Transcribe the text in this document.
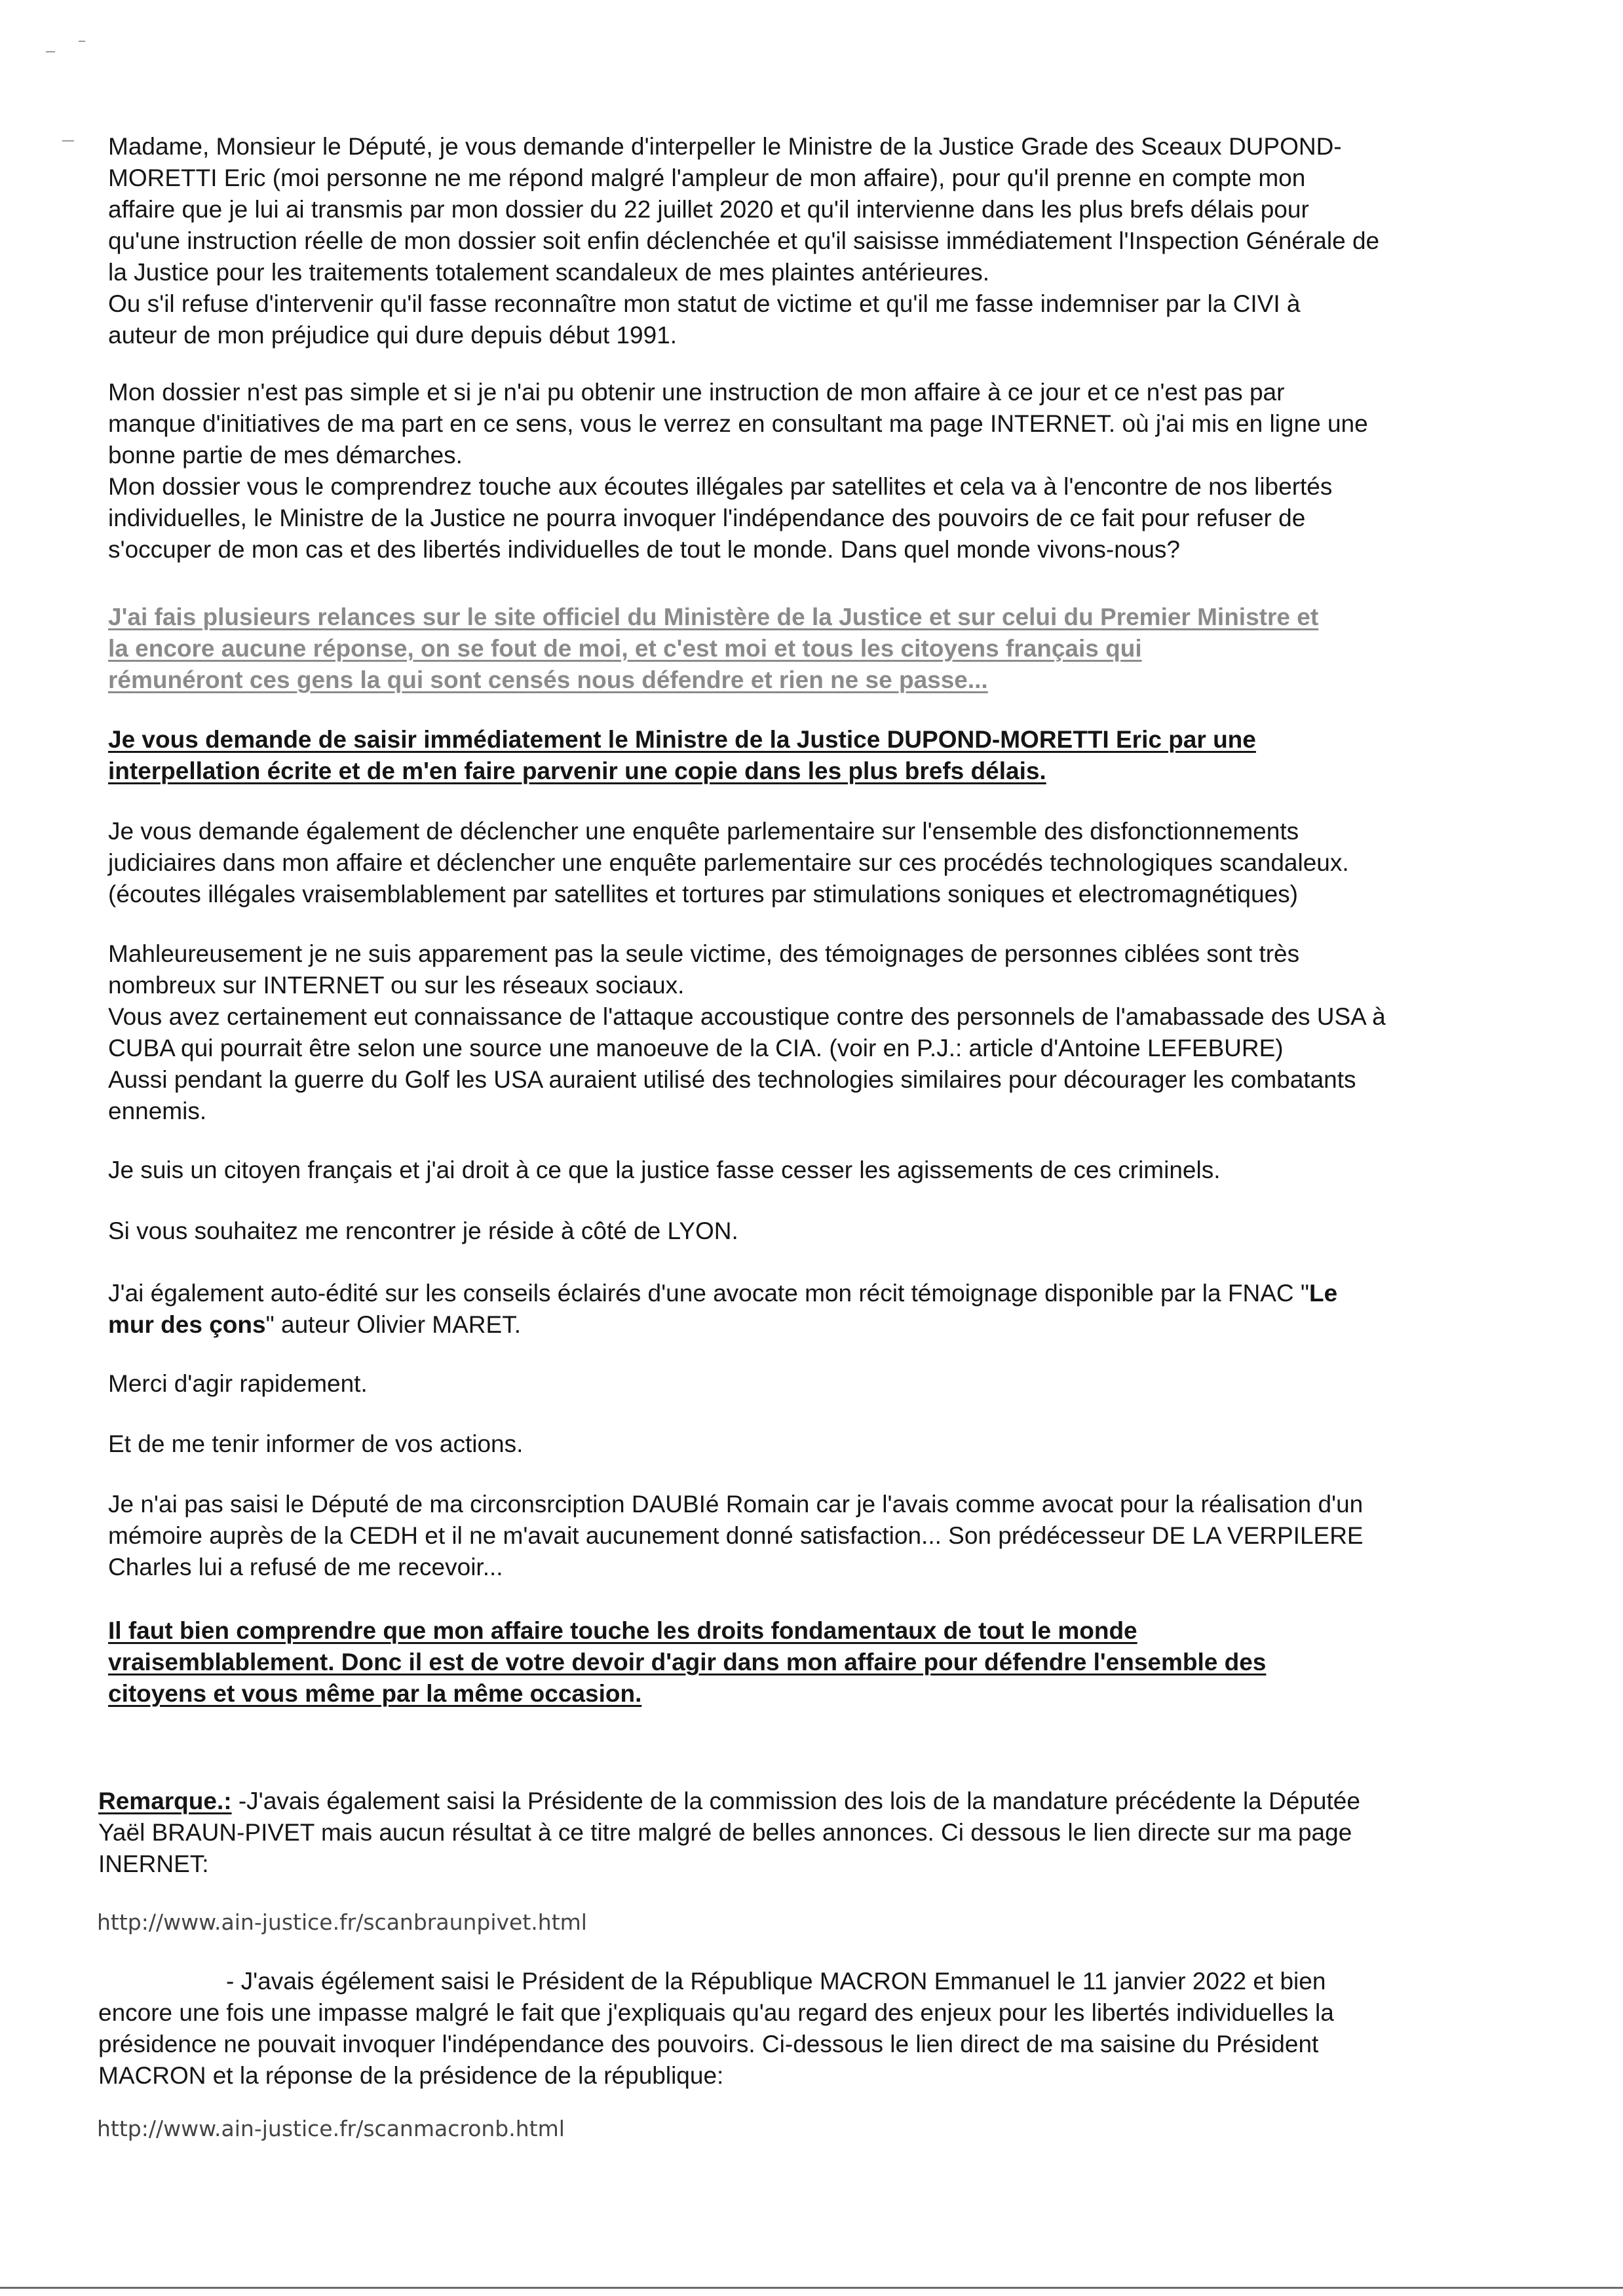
Madame, Monsieur le Député, je vous demande d'interpeller le Ministre de la Justice Grade des Sceaux DUPOND-
MORETTI Eric (moi personne ne me répond malgré l'ampleur de mon affaire), pour qu'il prenne en compte mon
affaire que je lui ai transmis par mon dossier du 22 juillet 2020 et qu'il intervienne dans les plus brefs délais pour
qu'une instruction réelle de mon dossier soit enfin déclenchée et qu'il saisisse immédiatement l'Inspection Générale de
la Justice pour les traitements totalement scandaleux de mes plaintes antérieures.
Ou s'il refuse d'intervenir qu'il fasse reconnaître mon statut de victime et qu'il me fasse indemniser par la CIVI à
auteur de mon préjudice qui dure depuis début 1991.
Mon dossier n'est pas simple et si je n'ai pu obtenir une instruction de mon affaire à ce jour et ce n'est pas par
manque d'initiatives de ma part en ce sens, vous le verrez en consultant ma page INTERNET. où j'ai mis en ligne une
bonne partie de mes démarches.
Mon dossier vous le comprendrez touche aux écoutes illégales par satellites et cela va à l'encontre de nos libertés
individuelles, le Ministre de la Justice ne pourra invoquer l'indépendance des pouvoirs de ce fait pour refuser de
s'occuper de mon cas et des libertés individuelles de tout le monde. Dans quel monde vivons-nous?
J'ai fais plusieurs relances sur le site officiel du Ministère de la Justice et sur celui du Premier Ministre et
la encore aucune réponse, on se fout de moi, et c'est moi et tous les citoyens français qui
rémunéront ces gens la qui sont censés nous défendre et rien ne se passe...
Je vous demande de saisir immédiatement le Ministre de la Justice DUPOND-MORETTI Eric par une
interpellation écrite et de m'en faire parvenir une copie dans les plus brefs délais.
Je vous demande également de déclencher une enquête parlementaire sur l'ensemble des disfonctionnements
judiciaires dans mon affaire et déclencher une enquête parlementaire sur ces procédés technologiques scandaleux.
(écoutes illégales vraisemblablement par satellites et tortures par stimulations soniques et electromagnétiques)
Mahleureusement je ne suis apparement pas la seule victime, des témoignages de personnes ciblées sont très
nombreux sur INTERNET ou sur les réseaux sociaux.
Vous avez certainement eut connaissance de l'attaque accoustique contre des personnels de l'amabassade des USA à
CUBA qui pourrait être selon une source une manoeuve de la CIA. (voir en P.J.: article d'Antoine LEFEBURE)
Aussi pendant la guerre du Golf les USA auraient utilisé des technologies similaires pour décourager les combatants
ennemis.
Je suis un citoyen français et j'ai droit à ce que la justice fasse cesser les agissements de ces criminels.
Si vous souhaitez me rencontrer je réside à côté de LYON.
J'ai également auto-édité sur les conseils éclairés d'une avocate mon récit témoignage disponible par la FNAC "Le
mur des çons" auteur Olivier MARET.
Merci d'agir rapidement.
Et de me tenir informer de vos actions.
Je n'ai pas saisi le Député de ma circonsrciption DAUBIé Romain car je l'avais comme avocat pour la réalisation d'un
mémoire auprès de la CEDH et il ne m'avait aucunement donné satisfaction... Son prédécesseur DE LA VERPILERE
Charles lui a refusé de me recevoir...
Il faut bien comprendre que mon affaire touche les droits fondamentaux de tout le monde
vraisemblablement. Donc il est de votre devoir d'agir dans mon affaire pour défendre l'ensemble des
citoyens et vous même par la même occasion.
Remarque.: -J'avais également saisi la Présidente de la commission des lois de la mandature précédente la Députée
Yaël BRAUN-PIVET mais aucun résultat à ce titre malgré de belles annonces. Ci dessous le lien directe sur ma page
INERNET:
http://www.ain-justice.fr/scanbraunpivet.html
- J'avais égélement saisi le Président de la République MACRON Emmanuel le 11 janvier 2022 et bien
encore une fois une impasse malgré le fait que j'expliquais qu'au regard des enjeux pour les libertés individuelles la
présidence ne pouvait invoquer l'indépendance des pouvoirs. Ci-dessous le lien direct de ma saisine du Président
MACRON et la réponse de la présidence de la république:
http://www.ain-justice.fr/scanmacronb.html
